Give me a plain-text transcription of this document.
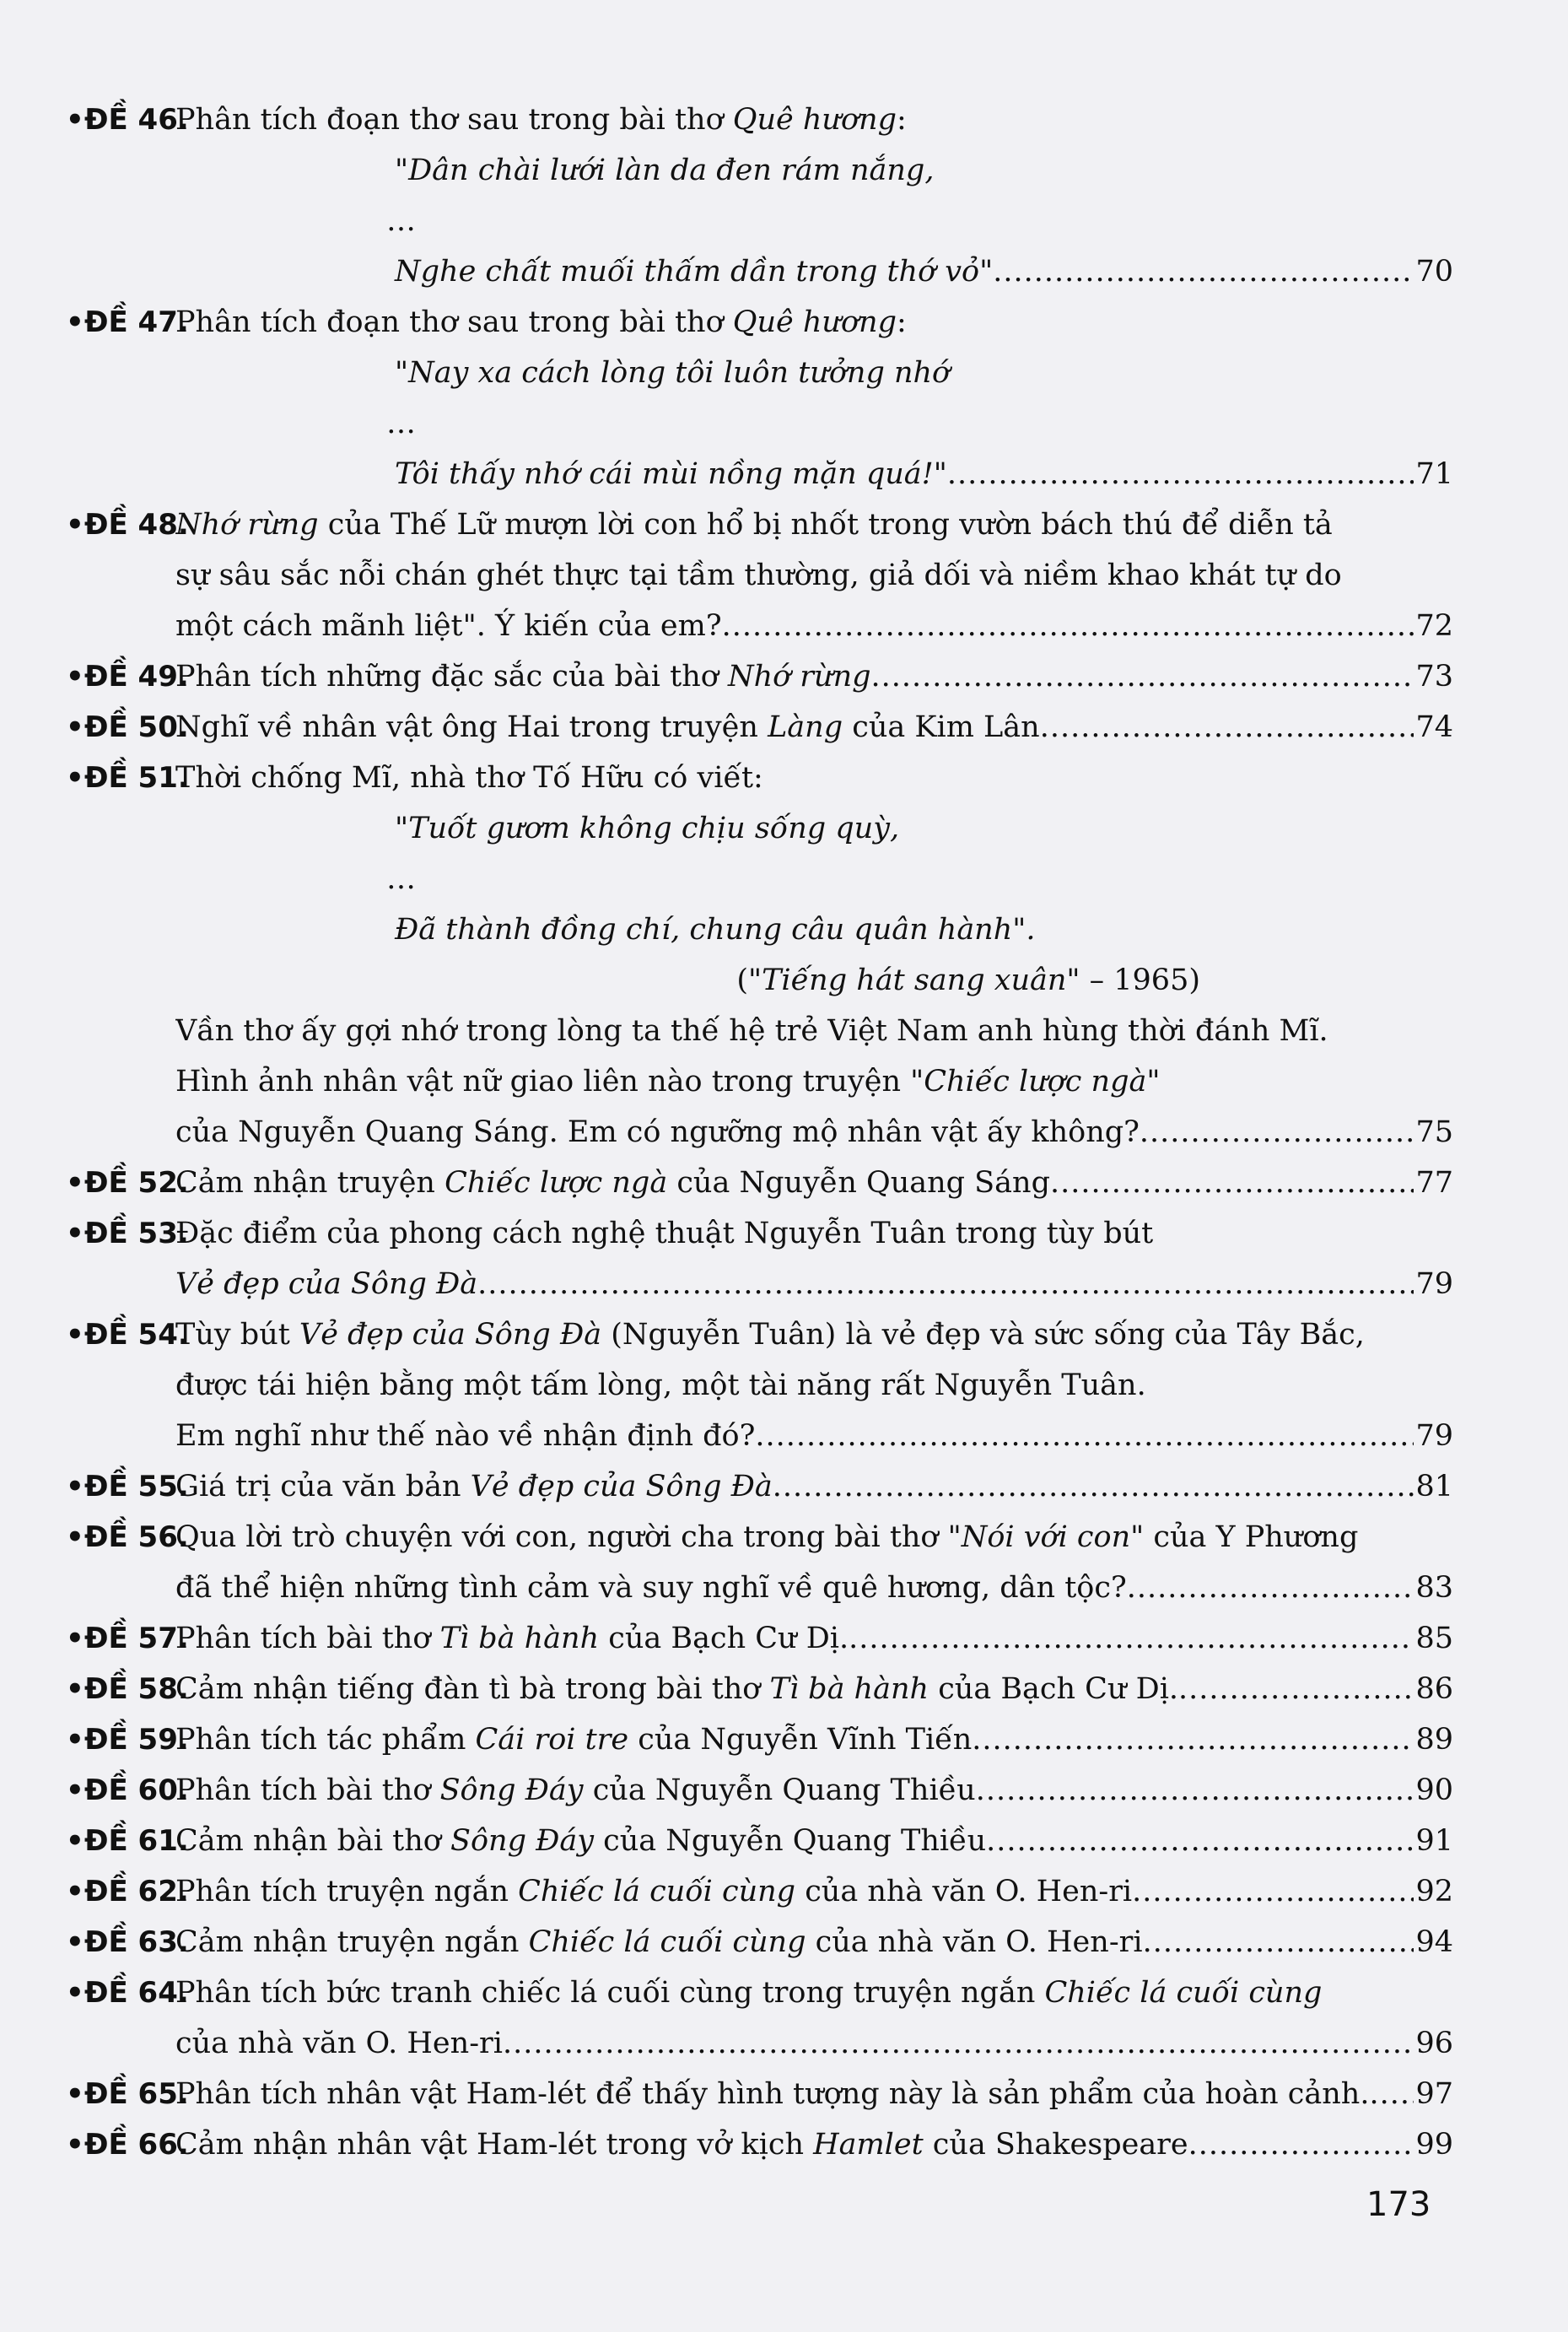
•ĐỀ 46.
Phân tích đoạn thơ sau trong bài thơ Quê hương:
"Dân chài lưới làn da đen rám nắng,
…
Nghe chất muối thấm dần trong thớ vỏ" .....	70
•ĐỀ 47.
Phân tích đoạn thơ sau trong bài thơ Quê hương:
"Nay xa cách lòng tôi luôn tưởng nhớ
…
Tôi thấy nhớ cái mùi nồng mặn quá!" .....	71
•ĐỀ 48.
Nhớ rừng của Thế Lữ mượn lời con hổ bị nhốt trong vườn bách thú để diễn tả
sự sâu sắc nỗi chán ghét thực tại tầm thường, giả dối và niềm khao khát tự do
một cách mãnh liệt". Ý kiến của em? .....	72
•ĐỀ 49.
Phân tích những đặc sắc của bài thơ Nhớ rừng .....	73
•ĐỀ 50.
Nghĩ về nhân vật ông Hai trong truyện Làng của Kim Lân .....	74
•ĐỀ 51.
Thời chống Mĩ, nhà thơ Tố Hữu có viết:
"Tuốt gươm không chịu sống quỳ,
…
Đã thành đồng chí, chung câu quân hành".
("Tiếng hát sang xuân" – 1965)
Vần thơ ấy gợi nhớ trong lòng ta thế hệ trẻ Việt Nam anh hùng thời đánh Mĩ.
Hình ảnh nhân vật nữ giao liên nào trong truyện "Chiếc lược ngà"
của Nguyễn Quang Sáng. Em có ngưỡng mộ nhân vật ấy không? .....	75
•ĐỀ 52.
Cảm nhận truyện Chiếc lược ngà của Nguyễn Quang Sáng .....	77
•ĐỀ 53.
Đặc điểm của phong cách nghệ thuật Nguyễn Tuân trong tùy bút
Vẻ đẹp của Sông Đà .....	79
•ĐỀ 54.
Tùy bút Vẻ đẹp của Sông Đà (Nguyễn Tuân) là vẻ đẹp và sức sống của Tây Bắc,
được tái hiện bằng một tấm lòng, một tài năng rất Nguyễn Tuân.
Em nghĩ như thế nào về nhận định đó? .....	79
•ĐỀ 55.
Giá trị của văn bản Vẻ đẹp của Sông Đà .....	81
•ĐỀ 56.
Qua lời trò chuyện với con, người cha trong bài thơ "Nói với con" của Y Phương
đã thể hiện những tình cảm và suy nghĩ về quê hương, dân tộc? .....	83
•ĐỀ 57.
Phân tích bài thơ Tì bà hành của Bạch Cư Dị. .....	85
•ĐỀ 58.
Cảm nhận tiếng đàn tì bà trong bài thơ Tì bà hành của Bạch Cư Dị. .....	86
•ĐỀ 59.
Phân tích tác phẩm Cái roi tre của Nguyễn Vĩnh Tiến .....	89
•ĐỀ 60.
Phân tích bài thơ Sông Đáy của Nguyễn Quang Thiều .....	90
•ĐỀ 61.
Cảm nhận bài thơ Sông Đáy của Nguyễn Quang Thiều .....	91
•ĐỀ 62.
Phân tích truyện ngắn Chiếc lá cuối cùng của nhà văn O. Hen-ri .....	92
•ĐỀ 63.
Cảm nhận truyện ngắn Chiếc lá cuối cùng của nhà văn O. Hen-ri .....	94
•ĐỀ 64.
Phân tích bức tranh chiếc lá cuối cùng trong truyện ngắn Chiếc lá cuối cùng
của nhà văn O. Hen-ri .....	96
•ĐỀ 65.
Phân tích nhân vật Ham-lét để thấy hình tượng này là sản phẩm của hoàn cảnh. ..... 97
•ĐỀ 66.
Cảm nhận nhân vật Ham-lét trong vở kịch Hamlet của Shakespeare .....	99
173
